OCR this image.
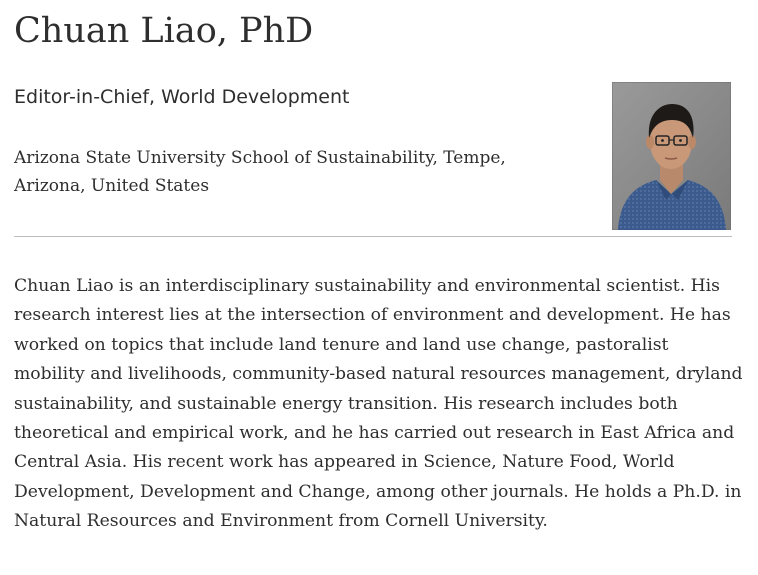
Chuan Liao, PhD
Editor-in-Chief, World Development
Arizona State University School of Sustainability, Tempe, Arizona, United States

Chuan Liao is an interdisciplinary sustainability and environmental scientist. His research interest lies at the intersection of environment and development. He has worked on topics that include land tenure and land use change, pastoralist mobility and livelihoods, community-based natural resources management, dryland sustainability, and sustainable energy transition. His research includes both theoretical and empirical work, and he has carried out research in East Africa and Central Asia. His recent work has appeared in Science, Nature Food, World Development, Development and Change, among other journals. He holds a Ph.D. in Natural Resources and Environment from Cornell University.
